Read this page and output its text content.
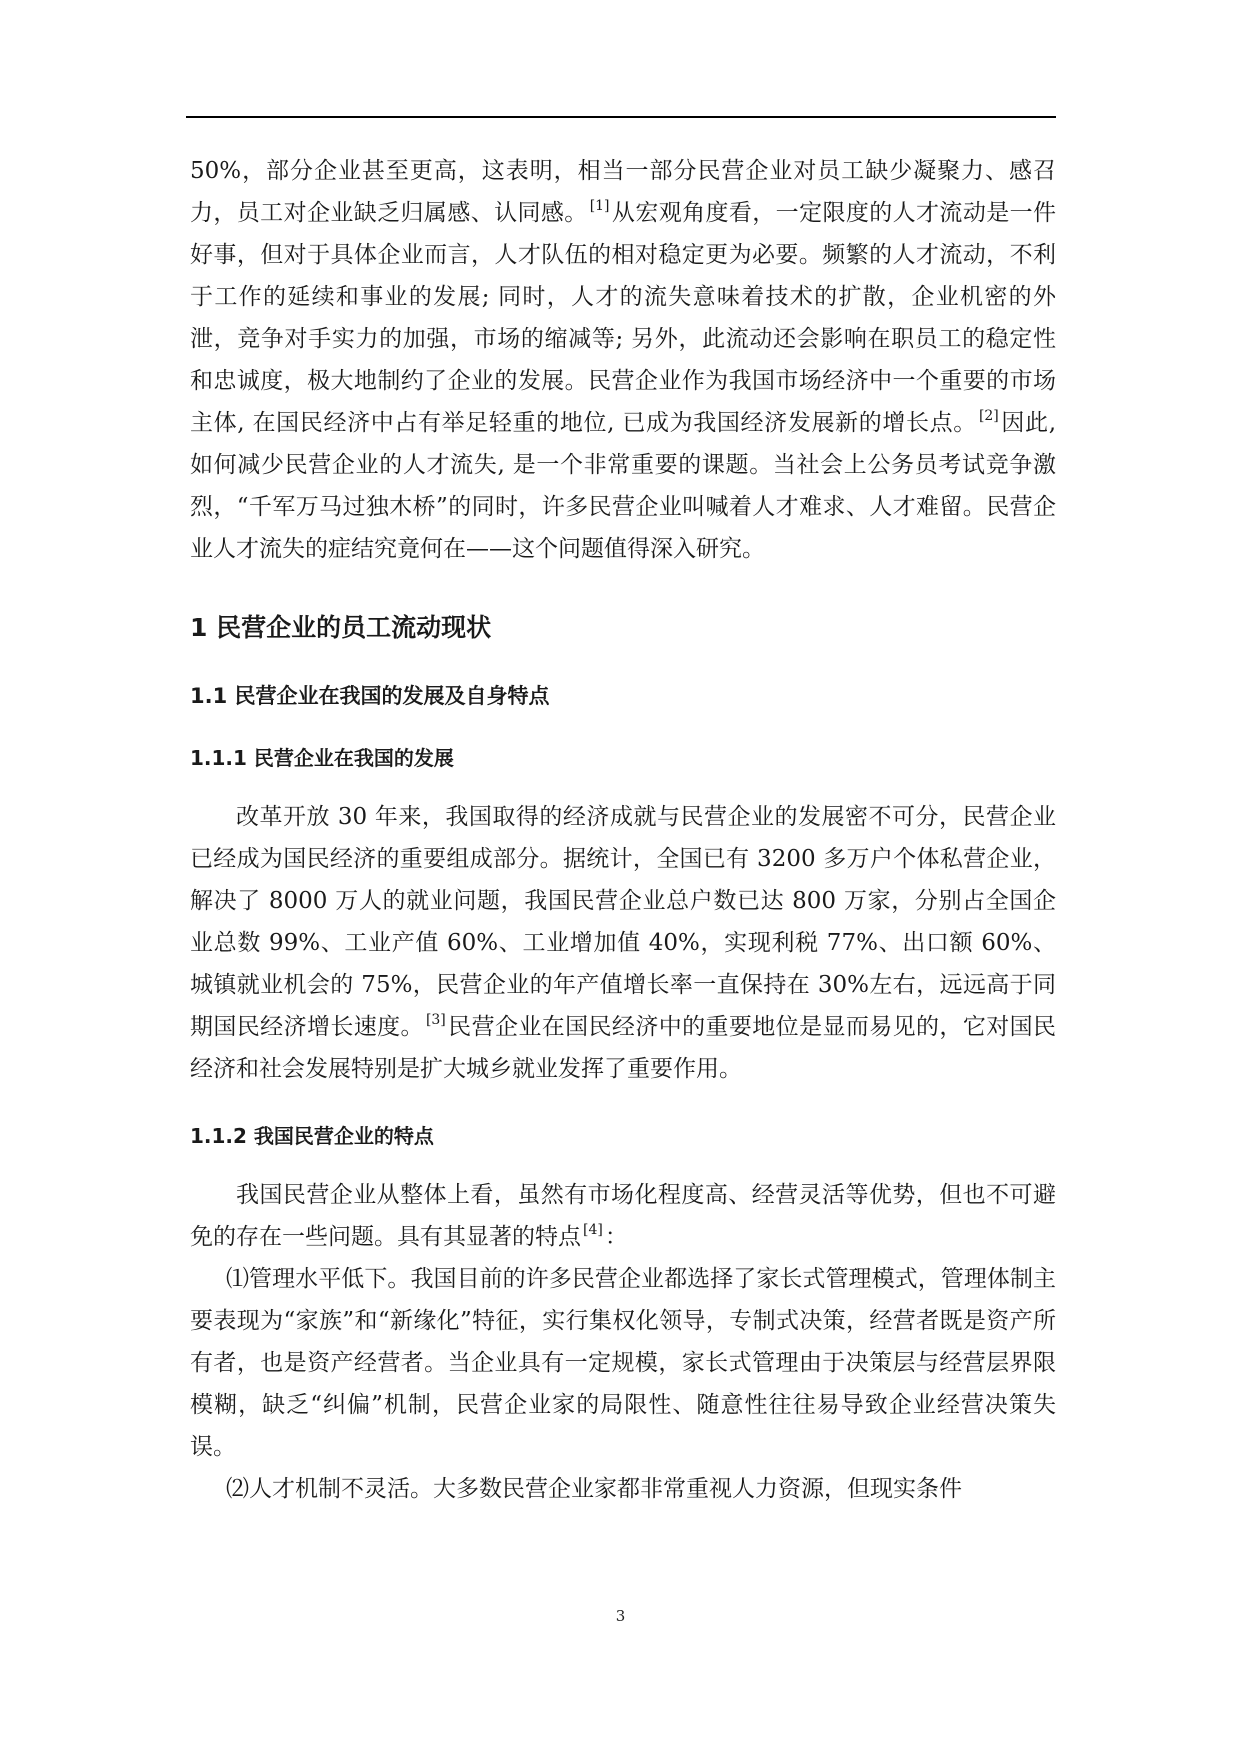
50%，部分企业甚至更高，这表明，相当一部分民营企业对员工缺少凝聚力、感召力，员工对企业缺乏归属感、认同感。 [1]从宏观角度看，一定限度的人才流动是一件好事，但对于具体企业而言，人才队伍的相对稳定更为必要。频繁的人才流动，不利于工作的延续和事业的发展; 同时，人才的流失意味着技术的扩散，企业机密的外泄，竞争对手实力的加强，市场的缩减等; 另外，此流动还会影响在职员工的稳定性和忠诚度，极大地制约了企业的发展。民营企业作为我国市场经济中一个重要的市场主体, 在国民经济中占有举足轻重的地位, 已成为我国经济发展新的增长点。 [2]因此, 如何减少民营企业的人才流失, 是一个非常重要的课题。当社会上公务员考试竞争激烈，“千军万马过独木桥”的同时，许多民营企业叫喊着人才难求、人才难留。民营企业人才流失的症结究竟何在——这个问题值得深入研究。

1 民营企业的员工流动现状
1.1 民营企业在我国的发展及自身特点
1.1.1 民营企业在我国的发展

改革开放 30 年来，我国取得的经济成就与民营企业的发展密不可分，民营企业已经成为国民经济的重要组成部分。据统计，全国已有 3200 多万户个体私营企业，解决了 8000 万人的就业问题，我国民营企业总户数已达 800 万家，分别占全国企业总数 99%、工业产值 60%、工业增加值 40%，实现利税 77%、出口额 60%、城镇就业机会的 75%，民营企业的年产值增长率一直保持在 30%左右，远远高于同期国民经济增长速度。 [3]民营企业在国民经济中的重要地位是显而易见的，它对国民经济和社会发展特别是扩大城乡就业发挥了重要作用。

1.1.2 我国民营企业的特点

我国民营企业从整体上看，虽然有市场化程度高、经营灵活等优势，但也不可避免的存在一些问题。具有其显著的特点 [4]：

⑴管理水平低下。我国目前的许多民营企业都选择了家长式管理模式，管理体制主要表现为“家族”和“新缘化”特征，实行集权化领导，专制式决策，经营者既是资产所有者，也是资产经营者。当企业具有一定规模，家长式管理由于决策层与经营层界限模糊，缺乏“纠偏”机制，民营企业家的局限性、随意性往往易导致企业经营决策失误。

⑵人才机制不灵活。大多数民营企业家都非常重视人力资源，但现实条件

3
